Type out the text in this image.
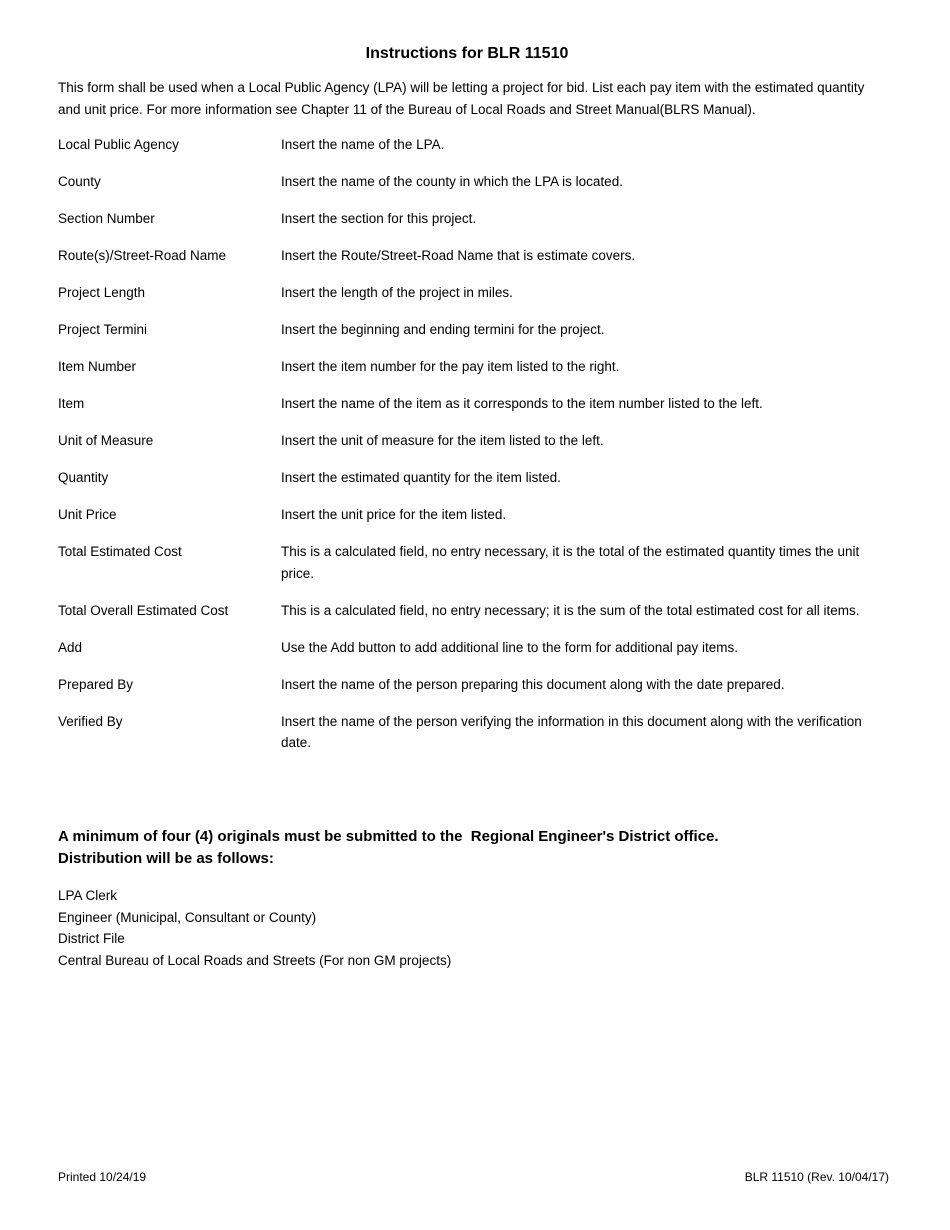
Instructions for BLR 11510
This form shall be used when a Local Public Agency (LPA) will be letting a project for bid. List each pay item with the estimated quantity and unit price. For more information see Chapter 11 of the Bureau of Local Roads and Street Manual(BLRS Manual).
Local Public Agency	Insert the name of the LPA.
County	Insert the name of the county in which the LPA is located.
Section Number	Insert the section for this project.
Route(s)/Street-Road Name	Insert the Route/Street-Road Name that is estimate covers.
Project Length	Insert the length of the project in miles.
Project Termini	Insert the beginning and ending termini for the project.
Item Number	Insert the item number for the pay item listed to the right.
Item	Insert the name of the item as it corresponds to the item number listed to the left.
Unit of Measure	Insert the unit of measure for the item listed to the left.
Quantity	Insert the estimated quantity for the item listed.
Unit Price	Insert the unit price for the item listed.
Total Estimated Cost	This is a calculated field, no entry necessary, it is the total of the estimated quantity times the unit price.
Total Overall Estimated Cost	This is a calculated field, no entry necessary; it is the sum of the total estimated cost for all items.
Add	Use the Add button to add additional line to the form for additional pay items.
Prepared By	Insert the name of the person preparing this document along with the date prepared.
Verified By	Insert the name of the person verifying the information in this document along with the verification date.
A minimum of four (4) originals must be submitted to the  Regional Engineer's District office.
Distribution will be as follows:
LPA Clerk
Engineer (Municipal, Consultant or County)
District File
Central Bureau of Local Roads and Streets (For non GM projects)
Printed 10/24/19	BLR 11510 (Rev. 10/04/17)
